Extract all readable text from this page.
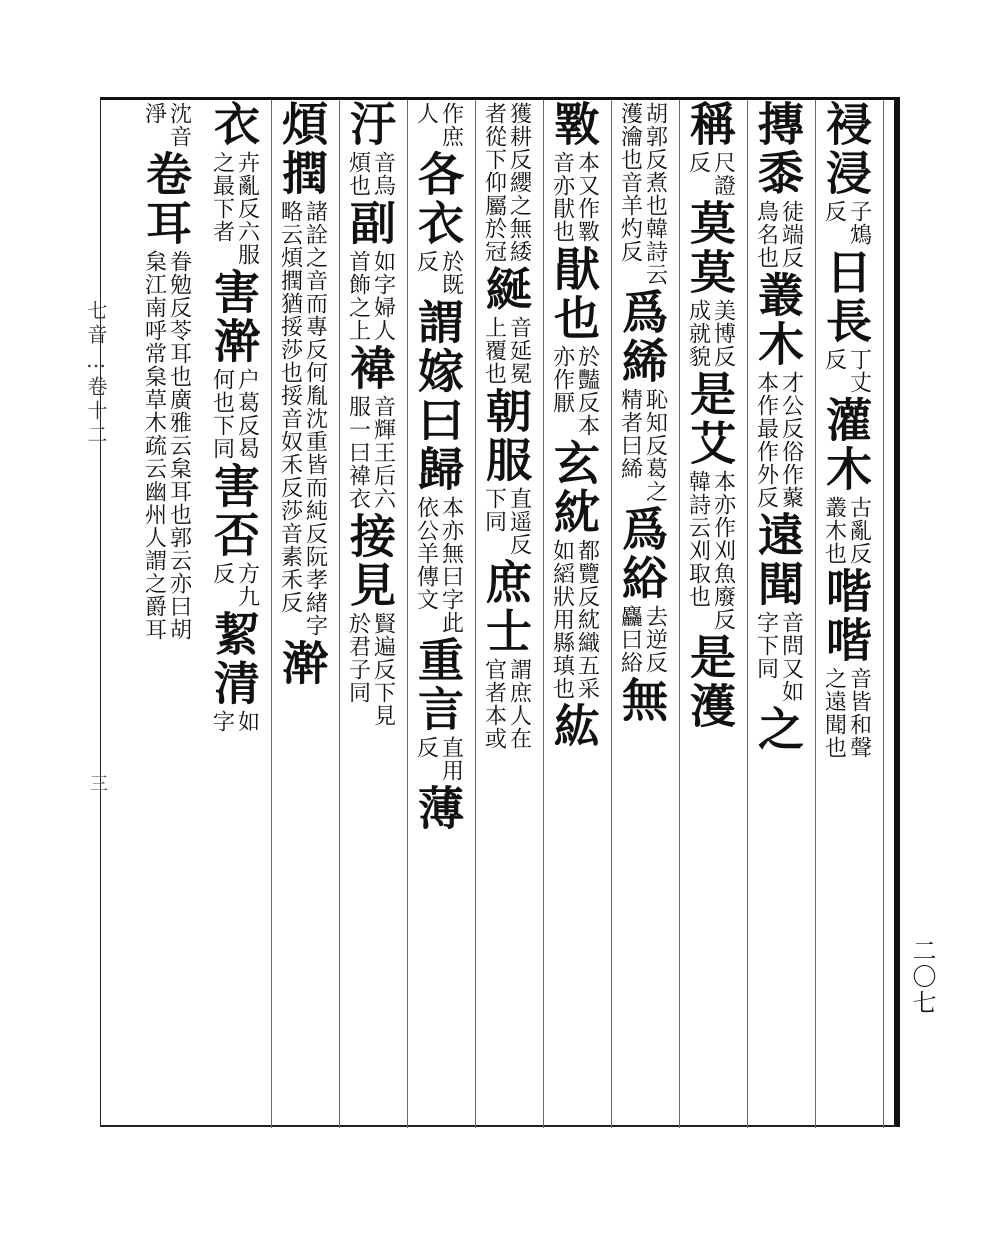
七音…卷十二
三
二〇七
祲浸
子鴆
反
日長
丁丈
反
灌木
古亂反
叢木也
喈喈
音皆和聲
之遠聞也
摶黍
徒端反
鳥名也
叢木
才公反俗作藂
本作最作外反
遠聞
音問又如
字下同
之
稱
尺證
反
莫莫
美博反
成就貌
是艾
本亦作刈魚廢反
韓詩云刈取也
是濩
胡郭反煮也韓詩云
濩瀹也音羊灼反
爲絺
恥知反葛之
精者曰絺
爲綌
去逆反
麤曰綌
無
斁
本又作斁
音亦猒也
猒也
於豔反本
亦作厭
玄紞
都覽反紞織五采
如縚狀用縣瑱也
紘
獲耕反纓之無緌
者從下仰屬於冠
綖
音延冕
上覆也
朝服
直遥反
下同
庶士
謂庶人在
官者本或
作庶
人
各衣
於既
反
謂嫁曰歸
本亦無曰字此
依公羊傳文
重言
直用
反
薄
汙
音烏
煩也
副
如字婦人
首飾之上
褘
音輝王后六
服一曰褘衣
接見
賢遍反下見
於君子同
煩撋
諸詮之音而專反何胤沈重皆而純反阮孝緒字
略云煩撋猶挼莎也挼音奴禾反莎音素禾反
澣
衣
卉亂反六服
之最下者
害澣
户葛反曷
何也下同
害否
方九
反
絜清
如
字
沈音
淨
卷耳
眷勉反苓耳也廣雅云枲耳也郭云亦曰胡
枲江南呼常枲草木疏云幽州人謂之爵耳
